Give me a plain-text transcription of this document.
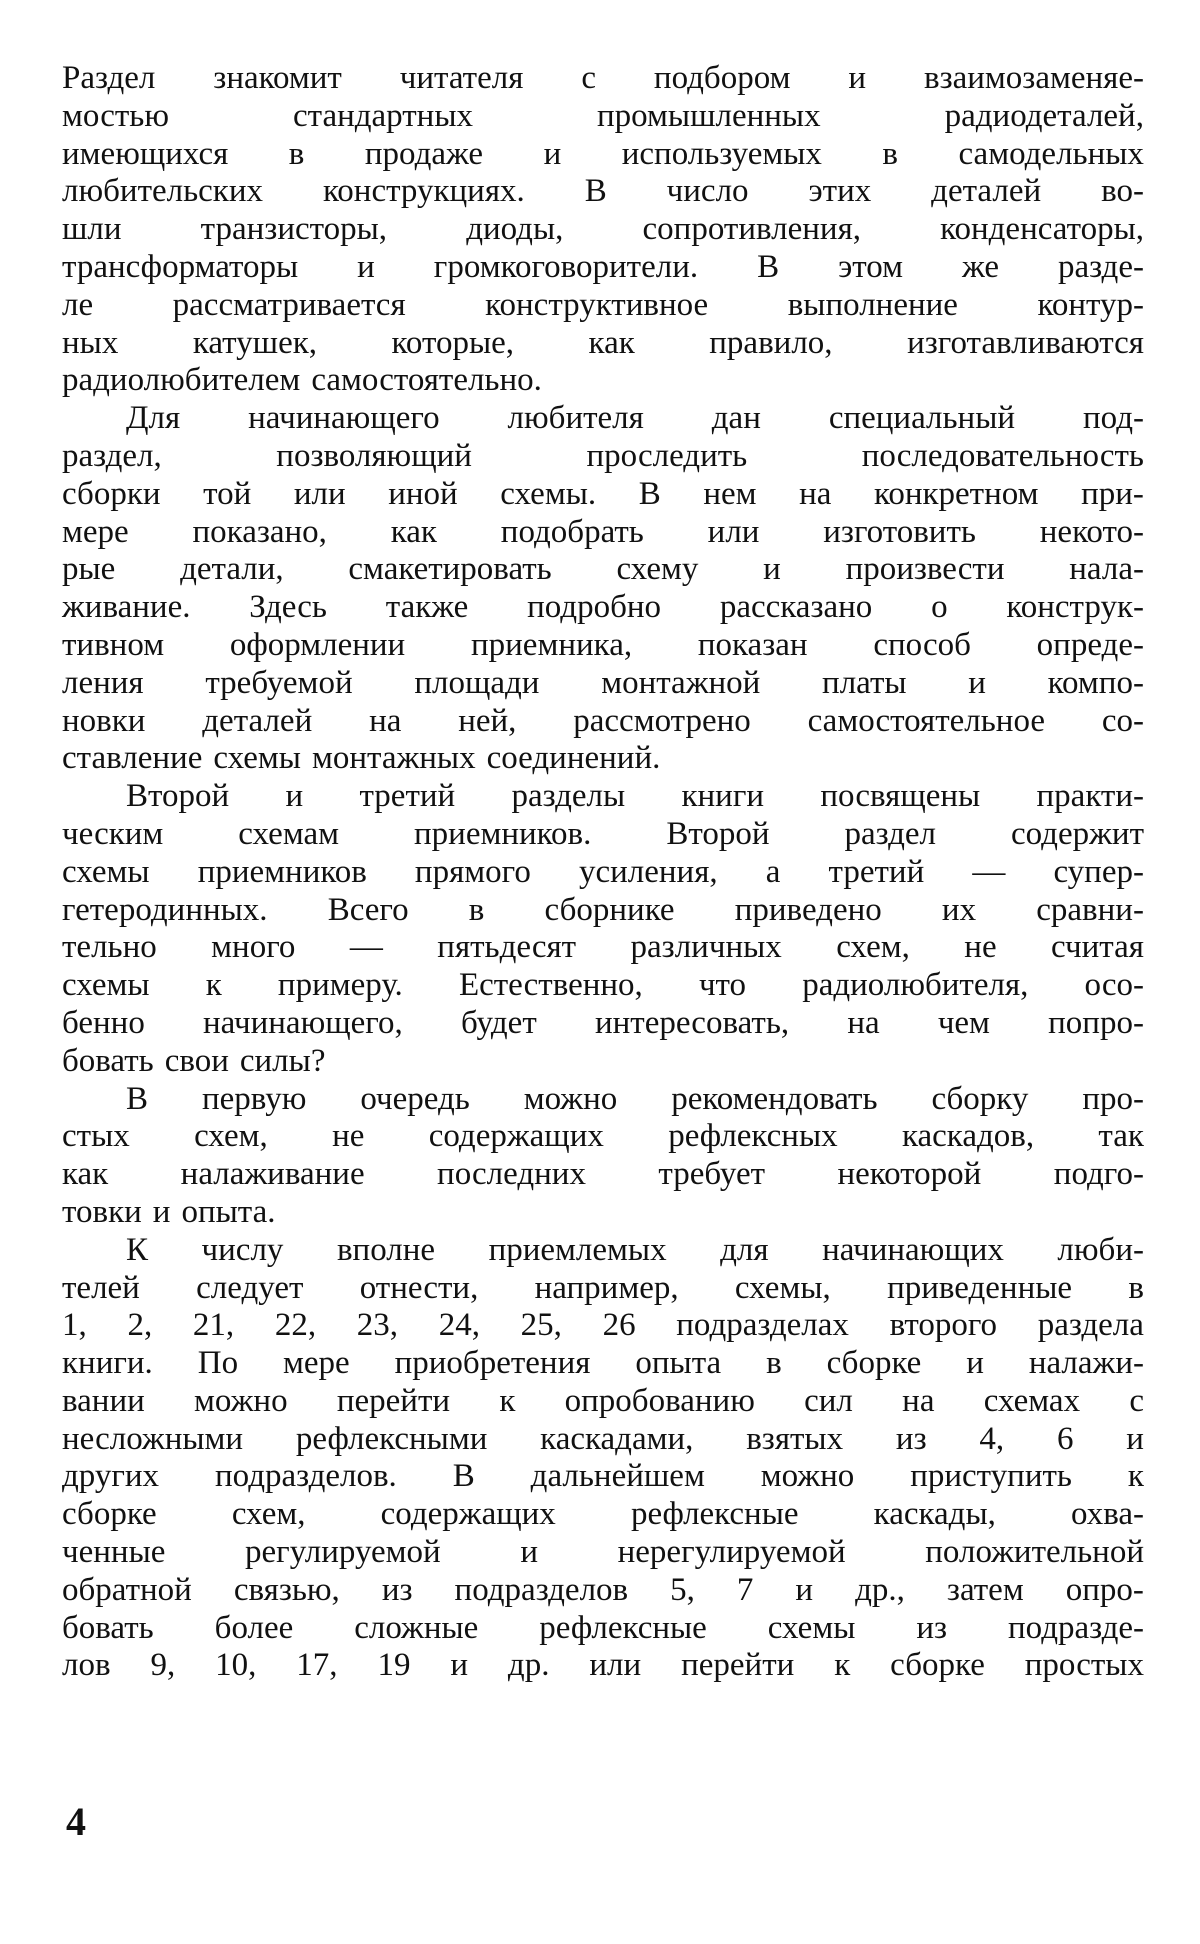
Раздел знакомит читателя с подбором и взаимозаменяе-
мостью	стандартных	промышленных	радиодеталей,
имеющихся в продаже и используемых в самодельных
любительских конструкциях. В число этих деталей во-
шли транзисторы, диоды, сопротивления, конденсаторы,
трансформаторы и громкоговорители. В этом же разде-
ле рассматривается конструктивное выполнение контур-
ных катушек, которые, как правило, изготавливаются
радиолюбителем самостоятельно.
Для начинающего любителя дан специальный под-
раздел,	позволяющий	проследить	последовательность
сборки той или иной схемы. В нем на конкретном при-
мере показано, как подобрать или изготовить некото-
рые детали, смакетировать схему и произвести нала-
живание. Здесь также подробно рассказано о конструк-
тивном оформлении приемника, показан способ опреде-
ления требуемой площади монтажной платы и компо-
новки деталей на ней, рассмотрено самостоятельное со-
ставление схемы монтажных соединений.
Второй и третий разделы книги посвящены практи-
ческим схемам приемников. Второй раздел содержит
схемы приемников прямого усиления, а третий — супер-
гетеродинных. Всего в сборнике приведено их сравни-
тельно много — пятьдесят различных схем, не считая
схемы к примеру. Естественно, что радиолюбителя, осо-
бенно начинающего, будет интересовать, на чем попро-
бовать свои силы?
В первую очередь можно рекомендовать сборку про-
стых схем, не содержащих рефлексных каскадов, так
как налаживание последних требует некоторой подго-
товки и опыта.
К числу вполне приемлемых для начинающих люби-
телей следует отнести, например, схемы, приведенные в
1, 2, 21, 22, 23, 24, 25, 26 подразделах второго раздела
книги. По мере приобретения опыта в сборке и налажи-
вании можно перейти к опробованию сил на схемах с
несложными рефлексными каскадами, взятых из 4, 6 и
других подразделов. В дальнейшем можно приступить к
сборке схем, содержащих рефлексные каскады, охва-
ченные регулируемой и нерегулируемой положительной
обратной связью, из подразделов 5, 7 и др., затем опро-
бовать более сложные рефлексные схемы из подразде-
лов 9, 10, 17, 19 и др. или перейти к сборке простых
4
